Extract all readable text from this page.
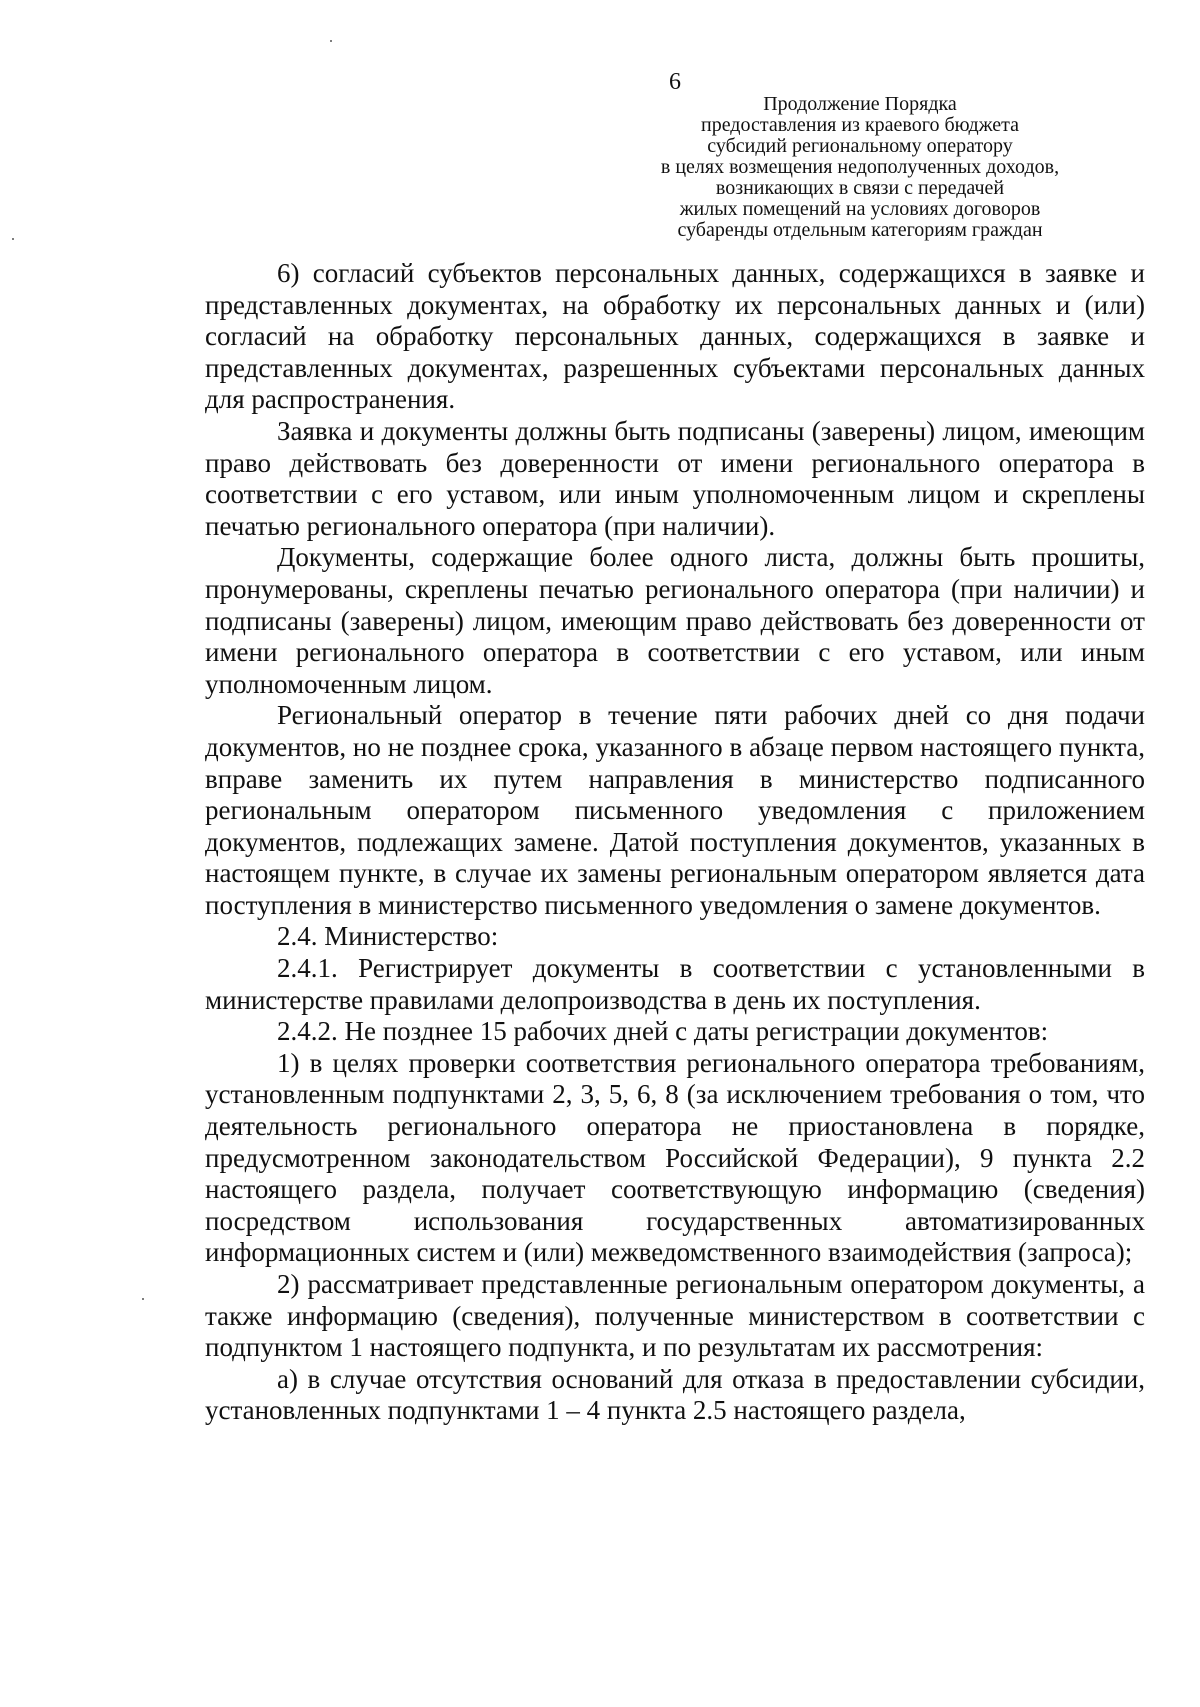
6
Продолжение Порядка
предоставления из краевого бюджета
субсидий региональному оператору
в целях возмещения недополученных доходов,
возникающих в связи с передачей
жилых помещений на условиях договоров
субаренды отдельным категориям граждан

6) согласий субъектов персональных данных, содержащихся в заявке и представленных документах, на обработку их персональных данных и (или) согласий на обработку персональных данных, содержащихся в заявке и представленных документах, разрешенных субъектами персональных данных для распространения.

Заявка и документы должны быть подписаны (заверены) лицом, имеющим право действовать без доверенности от имени регионального оператора в соответствии с его уставом, или иным уполномоченным лицом и скреплены печатью регионального оператора (при наличии).

Документы, содержащие более одного листа, должны быть прошиты, пронумерованы, скреплены печатью регионального оператора (при наличии) и подписаны (заверены) лицом, имеющим право действовать без доверенности от имени регионального оператора в соответствии с его уставом, или иным уполномоченным лицом.

Региональный оператор в течение пяти рабочих дней со дня подачи документов, но не позднее срока, указанного в абзаце первом настоящего пункта, вправе заменить их путем направления в министерство подписанного региональным оператором письменного уведомления с приложением документов, подлежащих замене. Датой поступления документов, указанных в настоящем пункте, в случае их замены региональным оператором является дата поступления в министерство письменного уведомления о замене документов.

2.4. Министерство:

2.4.1. Регистрирует документы в соответствии с установленными в министерстве правилами делопроизводства в день их поступления.

2.4.2. Не позднее 15 рабочих дней с даты регистрации документов:

1) в целях проверки соответствия регионального оператора требованиям, установленным подпунктами 2, 3, 5, 6, 8 (за исключением требования о том, что деятельность регионального оператора не приостановлена в порядке, предусмотренном законодательством Российской Федерации), 9 пункта 2.2 настоящего раздела, получает соответствующую информацию (сведения) посредством использования государственных автоматизированных информационных систем и (или) межведомственного взаимодействия (запроса);

2) рассматривает представленные региональным оператором документы, а также информацию (сведения), полученные министерством в соответствии с подпунктом 1 настоящего подпункта, и по результатам их рассмотрения:

а) в случае отсутствия оснований для отказа в предоставлении субсидии, установленных подпунктами 1 – 4 пункта 2.5 настоящего раздела,
